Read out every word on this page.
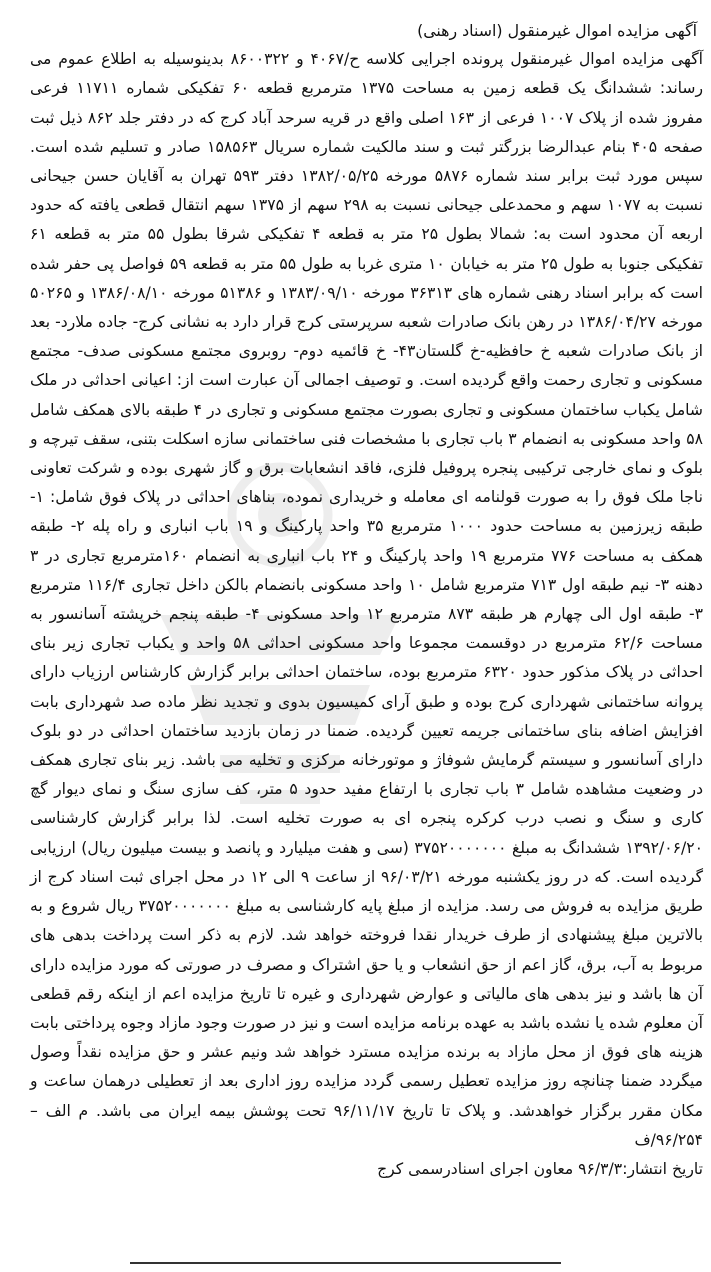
آگهی مزایده اموال غیرمنقول (اسناد رهنی)

آگهی مزایده اموال غیرمنقول پرونده اجرایی کلاسه ح/۴۰۶۷ و ۸۶۰۰۳۲۲ بدینوسیله به اطلاع عموم می رساند: ششدانگ یک قطعه زمین به مساحت ۱۳۷۵ مترمربع قطعه ۶۰ تفکیکی شماره ۱۱۷۱۱ فرعی مفروز شده از پلاک ۱۰۰۷ فرعی از ۱۶۳ اصلی واقع در قریه سرحد آباد کرج که در دفتر جلد ۸۶۲ ذیل ثبت صفحه ۴۰۵ بنام عبدالرضا بزرگتر ثبت و سند مالکیت شماره سریال ۱۵۸۵۶۳ صادر و تسلیم شده است. سپس مورد ثبت برابر سند شماره ۵۸۷۶ مورخه ۱۳۸۲/۰۵/۲۵ دفتر ۵۹۳ تهران به آقایان حسن جیحانی نسبت به ۱۰۷۷ سهم و محمدعلی جیحانی نسبت به ۲۹۸ سهم از ۱۳۷۵ سهم انتقال قطعی یافته که حدود اربعه آن محدود است به: شمالا بطول ۲۵ متر به قطعه ۴ تفکیکی شرقا بطول ۵۵ متر به قطعه ۶۱ تفکیکی جنوبا به طول ۲۵ متر به خیابان ۱۰ متری غربا به طول ۵۵ متر به قطعه ۵۹ فواصل پی حفر شده است که برابر اسناد رهنی شماره های ۳۶۳۱۳ مورخه ۱۳۸۳/۰۹/۱۰ و ۵۱۳۸۶ مورخه ۱۳۸۶/۰۸/۱۰ و ۵۰۲۶۵ مورخه ۱۳۸۶/۰۴/۲۷ در رهن بانک صادرات شعبه سرپرستی کرج قرار دارد به نشانی کرج- جاده ملارد- بعد از بانک صادرات شعبه خ حافظیه-خ گلستان۴۳- خ قائمیه دوم- روبروی مجتمع مسکونی صدف- مجتمع مسکونی و تجاری رحمت واقع گردیده است. و توصیف اجمالی آن عبارت است از: اعیانی احداثی در ملک شامل یکباب ساختمان مسکونی و تجاری بصورت مجتمع مسکونی و تجاری در ۴ طبقه بالای همکف شامل ۵۸ واحد مسکونی به انضمام ۳ باب تجاری با مشخصات فنی ساختمانی سازه اسکلت بتنی، سقف تیرچه و بلوک و نمای خارجی ترکیبی پنجره پروفیل فلزی، فاقد انشعابات برق و گاز شهری بوده و شرکت تعاونی ناجا ملک فوق را به صورت قولنامه ای معامله و خریداری نموده، بناهای احداثی در پلاک فوق شامل: ۱- طبقه زیرزمین به مساحت حدود ۱۰۰۰ مترمربع ۳۵ واحد پارکینگ و ۱۹ باب انباری و راه پله ۲- طبقه همکف به مساحت ۷۷۶ مترمربع ۱۹ واحد پارکینگ و ۲۴ باب انباری به انضمام ۱۶۰مترمربع تجاری در ۳ دهنه ۳- نیم طبقه اول ۷۱۳ مترمربع شامل ۱۰ واحد مسکونی بانضمام بالکن داخل تجاری ۱۱۶/۴ مترمربع ۳- طبقه اول الی چهارم هر طبقه ۸۷۳ مترمربع ۱۲ واحد مسکونی ۴- طبقه پنجم خرپشته آسانسور به مساحت ۶۲/۶ مترمربع در دوقسمت مجموعا واحد مسکونی احداثی ۵۸ واحد و یکباب تجاری زیر بنای احداثی در پلاک مذکور حدود ۶۳۲۰ مترمربع بوده، ساختمان احداثی برابر گزارش کارشناس ارزیاب دارای پروانه ساختمانی شهرداری کرج بوده و طبق آرای کمیسیون بدوی و تجدید نظر ماده صد شهرداری بابت افزایش اضافه بنای ساختمانی جریمه تعیین گردیده. ضمنا در زمان بازدید ساختمان احداثی در دو بلوک دارای آسانسور و سیستم گرمایش شوفاژ و موتورخانه مرکزی و تخلیه می باشد. زیر بنای تجاری همکف در وضعیت مشاهده شامل ۳ باب تجاری با ارتفاع مفید حدود ۵ متر، کف سازی سنگ و نمای دیوار گچ کاری و سنگ و نصب درب کرکره پنجره ای به صورت تخلیه است. لذا برابر گزارش کارشناسی ۱۳۹۲/۰۶/۲۰ ششدانگ به مبلغ ۳۷۵۲۰۰۰۰۰۰۰ (سی و هفت میلیارد و پانصد و بیست میلیون ریال) ارزیابی گردیده است. که در روز یکشنبه مورخه ۹۶/۰۳/۲۱ از ساعت ۹ الی ۱۲ در محل اجرای ثبت اسناد کرج از طریق مزایده به فروش می رسد. مزایده از مبلغ پایه کارشناسی به مبلغ ۳۷۵۲۰۰۰۰۰۰۰ ریال شروع و به بالاترین مبلغ پیشنهادی از طرف خریدار نقدا فروخته خواهد شد. لازم به ذکر است پرداخت بدهی های مربوط به آب، برق، گاز اعم از حق انشعاب و یا حق اشتراک و مصرف در صورتی که مورد مزایده دارای آن ها باشد و نیز بدهی های مالیاتی و عوارض شهرداری و غیره تا تاریخ مزایده اعم از اینکه رقم قطعی آن معلوم شده یا نشده باشد به عهده برنامه مزایده است و نیز در صورت وجود مازاد وجوه پرداختی بابت هزینه های فوق از محل مازاد به برنده مزایده مسترد خواهد شد ونیم عشر و حق مزایده نقداً وصول میگردد ضمنا چنانچه روز مزایده تعطیل رسمی گردد مزایده روز اداری بعد از تعطیلی درهمان ساعت و مکان مقرر برگزار خواهدشد. و پلاک تا تاریخ ۹۶/۱۱/۱۷ تحت پوشش بیمه ایران می باشد. م الف – ۹۶/۲۵۴/ف

تاریخ انتشار:۹۶/۳/۳ معاون اجرای اسنادرسمی کرج
